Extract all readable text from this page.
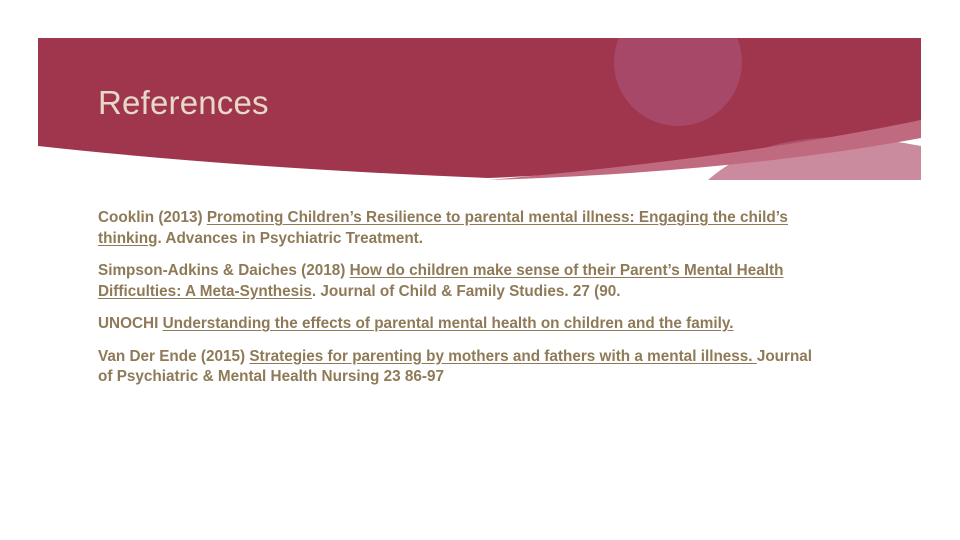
References

Cooklin (2013) Promoting Children’s Resilience to parental mental illness: Engaging the child’s thinking. Advances in Psychiatric Treatment.

Simpson-Adkins & Daiches (2018) How do children make sense of their Parent’s Mental Health Difficulties: A Meta-Synthesis. Journal of Child & Family Studies. 27 (90.

UNOCHI Understanding the effects of parental mental health on children and the family.

Van Der Ende (2015) Strategies for parenting by mothers and fathers with a mental illness. Journal of Psychiatric & Mental Health Nursing 23 86-97
